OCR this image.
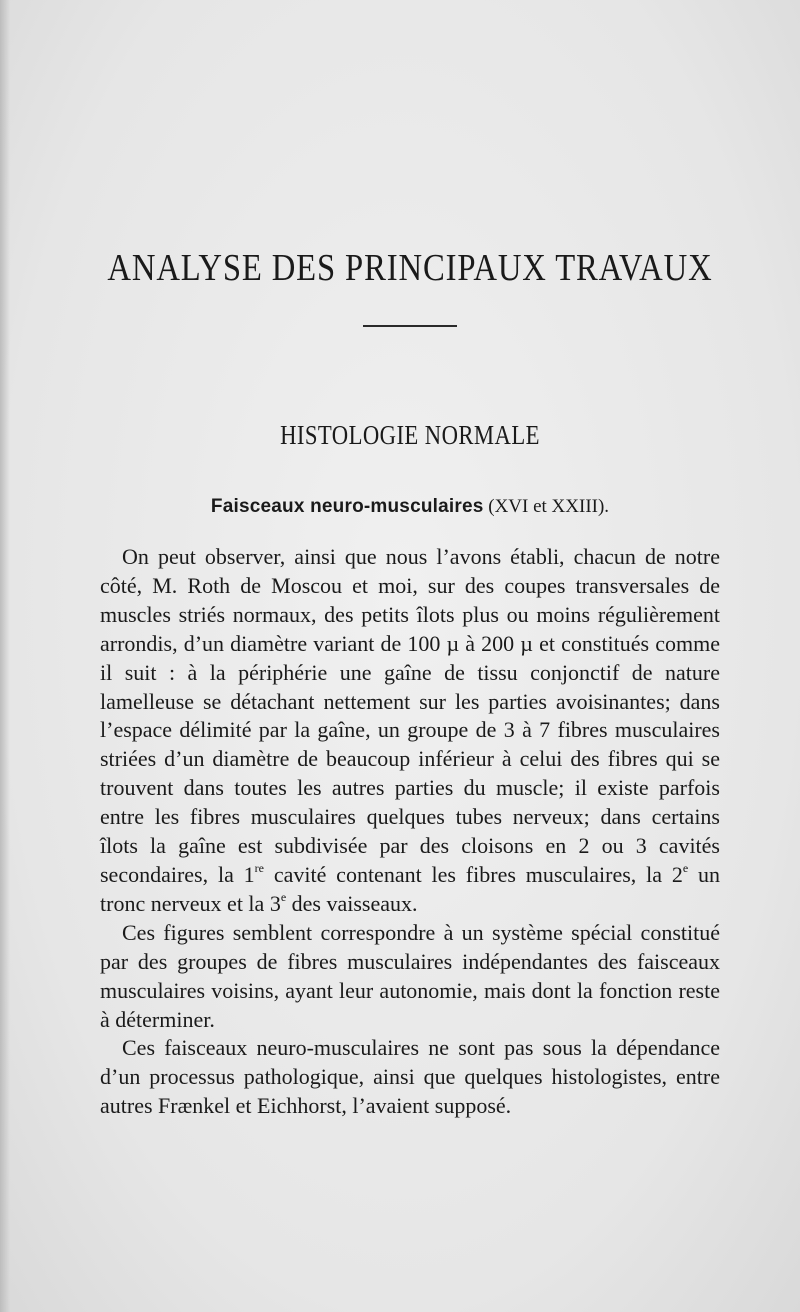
ANALYSE DES PRINCIPAUX TRAVAUX
HISTOLOGIE NORMALE
Faisceaux neuro-musculaires (XVI et XXIII).

On peut observer, ainsi que nous l’avons établi, chacun de notre côté, M. Roth de Moscou et moi, sur des coupes transversales de muscles striés normaux, des petits îlots plus ou moins régulièrement arrondis, d’un diamètre variant de 100 µ à 200 µ et constitués comme il suit : à la périphérie une gaîne de tissu conjonctif de nature lamelleuse se détachant nettement sur les parties avoisinantes; dans l’espace délimité par la gaîne, un groupe de 3 à 7 fibres musculaires striées d’un diamètre de beaucoup inférieur à celui des fibres qui se trouvent dans toutes les autres parties du muscle; il existe parfois entre les fibres musculaires quelques tubes nerveux; dans certains îlots la gaîne est subdivisée par des cloisons en 2 ou 3 cavités secondaires, la 1re cavité contenant les fibres musculaires, la 2e un tronc nerveux et la 3e des vaisseaux.

Ces figures semblent correspondre à un système spécial constitué par des groupes de fibres musculaires indépendantes des faisceaux musculaires voisins, ayant leur autonomie, mais dont la fonction reste à déterminer.

Ces faisceaux neuro-musculaires ne sont pas sous la dépendance d’un processus pathologique, ainsi que quelques histologistes, entre autres Frænkel et Eichhorst, l’avaient supposé.
